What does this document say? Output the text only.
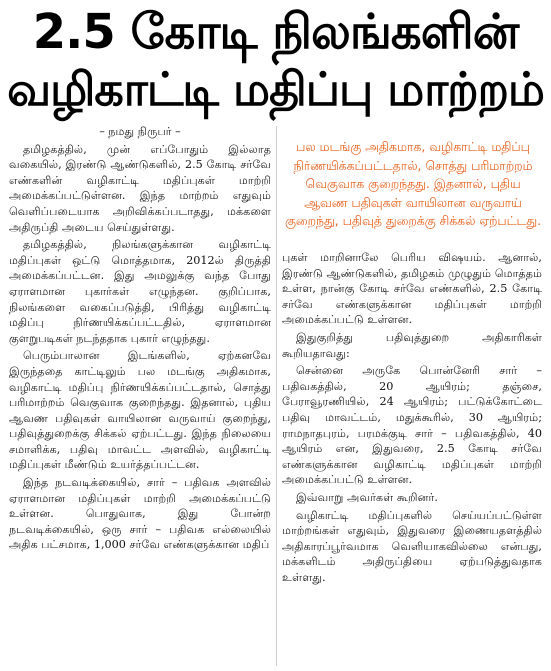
2.5 கோடி நிலங்களின்
வழிகாட்டி மதிப்பு மாற்றம்

– நமது நிருபர் –

தமிழகத்தில், முன் எப்போதும் இல்லாத வகையில், இரண்டு ஆண்டுகளில், 2.5 கோடி சர்வே எண்களின் வழிகாட்டி மதிப்புகள் மாற்றி அமைக்கப்பட்டுள்ளன. இந்த மாற்றம் எதுவும் வெளிப்படையாக அறிவிக்கப்படாதது, மக்களை அதிருப்தி அடைய செய்துள்ளது.

தமிழகத்தில், நிலங்களுக்கான வழிகாட்டி மதிப்புகள் ஒட்டு மொத்தமாக, 2012ல் திருத்தி அமைக்கப்பட்டன. இது அமலுக்கு வந்த போது ஏராளமான புகார்கள் எழுந்தன. குறிப்பாக, நிலங்களை வகைப்படுத்தி, பிரித்து வழிகாட்டி மதிப்பு நிர்ணயிக்கப்பட்டதில், ஏராளமான குளறுபடிகள் நடந்ததாக புகார் எழுந்தது.

பெரும்பாலான இடங்களில், ஏற்கனவே இருந்ததை காட்டிலும் பல மடங்கு அதிகமாக, வழிகாட்டி மதிப்பு நிர்ணயிக்கப்பட்டதால், சொத்து பரிமாற்றம் வெகுவாக குறைந்தது. இதனால், புதிய ஆவண பதிவுகள் வாயிலான வருவாய் குறைந்து, பதிவுத்துறைக்கு சிக்கல் ஏற்பட்டது. இந்த நிலையை சமாளிக்க, பதிவு மாவட்ட அளவில், வழிகாட்டி மதிப்புகள் மீண்டும் உயர்த்தப்பட்டன.

இந்த நடவடிக்கையில், சார் – பதிவக அளவில் ஏராளமான மதிப்புகள் மாற்றி அமைக்கப்பட்டு உள்ளன. பொதுவாக, இது போன்ற நடவடிக்கையில், ஒரு சார் – பதிவக எல்லையில் அதிக பட்சமாக, 1,000 சர்வே எண்களுக்கான மதிப்

பல மடங்கு அதிகமாக, வழிகாட்டி மதிப்பு நிர்ணயிக்கப்பட்டதால், சொத்து பரிமாற்றம் வெகுவாக குறைந்தது. இதனால், புதிய ஆவண பதிவுகள் வாயிலான வருவாய் குறைந்து, பதிவுத் துறைக்கு சிக்கல் ஏற்பட்டது.

புகள் மாறினாலே பெரிய விஷயம். ஆனால், இரண்டு ஆண்டுகளில், தமிழகம் முழுதும் மொத்தம் உள்ள, நான்கு கோடி சர்வே எண்களில், 2.5 கோடி சர்வே எண்களுக்கான மதிப்புகள் மாற்றி அமைக்கப்பட்டு உள்ளன.

இதுகுறித்து பதிவுத்துறை அதிகாரிகள் கூறியதாவது:

சென்னை அருகே பொன்னேரி சார் – பதிவகத்தில், 20 ஆயிரம்; தஞ்சை, பேராவூரணியில், 24 ஆயிரம்; பட்டுக்கோட்டை பதிவு மாவட்டம், மதுக்கூரில், 30 ஆயிரம்; ராமநாதபுரம், பரமக்குடி சார் – பதிவகத்தில், 40 ஆயிரம் என, இதுவரை, 2.5 கோடி சர்வே எண்களுக்கான வழிகாட்டி மதிப்புகள் மாற்றி அமைக்கப்பட்டு உள்ளன.

இவ்வாறு அவர்கள் கூறினர்.

வழிகாட்டி மதிப்புகளில் செய்யப்பட்டுள்ள மாற்றங்கள் எதுவும், இதுவரை இணையதளத்தில் அதிகாரப்பூர்வமாக வெளியாகவில்லை என்பது, மக்களிடம் அதிருப்தியை ஏற்படுத்துவதாக உள்ளது.
